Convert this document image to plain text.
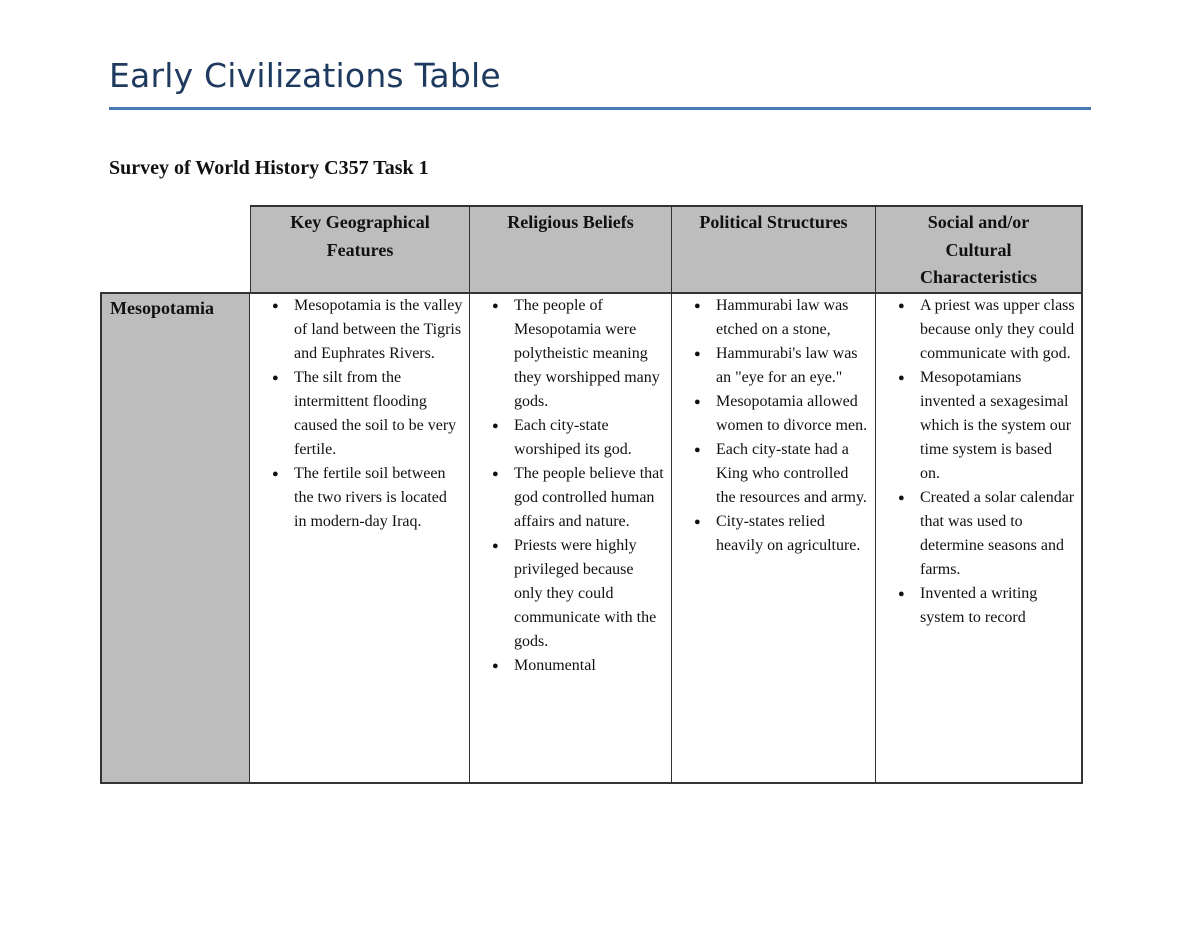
Early Civilizations Table
Survey of World History C357 Task 1
Key Geographical Features
Religious Beliefs	Political Structures	Social and/or Cultural Characteristics
Mesopotamia
●	Mesopotamia is the valley of land between the Tigris and Euphrates Rivers.
● The silt from the intermittent flooding caused the soil to be very fertile.
● The fertile soil between the two rivers is located in modern-day Iraq.
● The people of Mesopotamia were polytheistic meaning they worshipped many gods.
● Each city-state worshiped its god.
● The people believe that god controlled human affairs and nature.
● Priests were highly privileged because only they could communicate with the gods.
● Monumental
● Hammurabi law was etched on a stone,
● Hammurabi's law was an "eye for an eye."
● Mesopotamia allowed women to divorce men.
● Each city-state had a King who controlled the resources and army.
● City-states relied heavily on agriculture.
● A priest was upper class because only they could communicate with god.
● Mesopotamians invented a sexagesimal which is the system our time system is based on.
● Created a solar calendar that was used to determine seasons and farms.
● Invented a writing system to record
